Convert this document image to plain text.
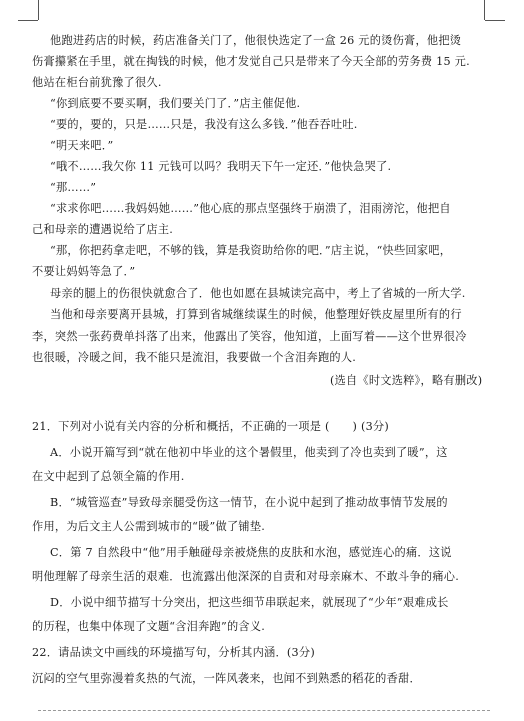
他跑进药店的时候，药店准备关门了，他很快选定了一盒 26 元的烫伤膏，他把烫
伤膏攥紧在手里，就在掏钱的时候，他才发觉自己只是带来了今天全部的劳务费 15 元.
他站在柜台前犹豫了很久.
“你到底要不要买啊，我们要关门了．”店主催促他.
“要的，要的，只是……只是，我没有这么多钱．”他吞吞吐吐.
“明天来吧．”
“哦不……我欠你 11 元钱可以吗？我明天下午一定还．”他快急哭了.
“那……”
“求求你吧……我妈妈她……”他心底的那点坚强终于崩溃了，泪雨滂沱，他把自
己和母亲的遭遇说给了店主.
“那，你把药拿走吧，不够的钱，算是我资助给你的吧．”店主说，“快些回家吧，
不要让妈妈等急了．”
母亲的腿上的伤很快就愈合了．他也如愿在县城读完高中，考上了省城的一所大学.
当他和母亲要离开县城，打算到省城继续谋生的时候，他整理好铁皮屋里所有的行
李，突然一张药费单抖落了出来，他露出了笑容，他知道，上面写着——这个世界很冷
也很暖，冷暖之间，我不能只是流泪，我要做一个含泪奔跑的人.
(选自《时文选粹》，略有删改)
21．下列对小说有关内容的分析和概括，不正确的一项是 (　　) (3分)
A．小说开篇写到“就在他初中毕业的这个暑假里，他卖到了冷也卖到了暖”，这
在文中起到了总领全篇的作用.
B．“城管巡查”导致母亲腿受伤这一情节，在小说中起到了推动故事情节发展的
作用，为后文主人公需到城市的“暖”做了铺垫.
C．第 7 自然段中“他”用手触碰母亲被烧焦的皮肤和水泡，感觉连心的痛．这说
明他理解了母亲生活的艰难．也流露出他深深的自责和对母亲麻木、不敢斗争的痛心.
D．小说中细节描写十分突出，把这些细节串联起来，就展现了“少年”艰难成长
的历程，也集中体现了文题“含泪奔跑”的含义.
22．请品读文中画线的环境描写句，分析其内涵．(3分)
沉闷的空气里弥漫着炙热的气流，一阵风袭来，也闻不到熟悉的稻花的香甜．
